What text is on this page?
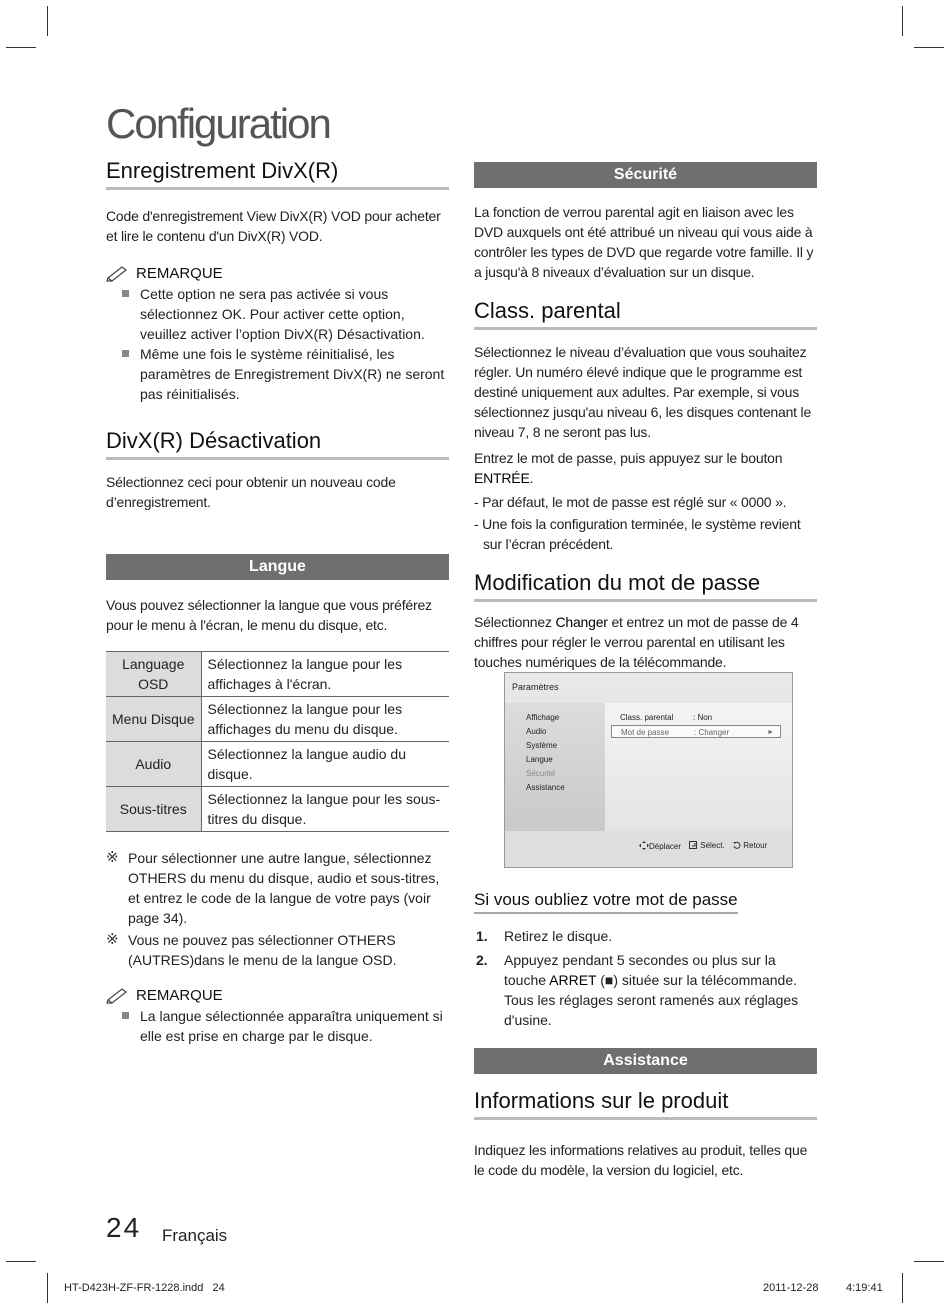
Configuration
Enregistrement DivX(R)
Code d'enregistrement View DivX(R) VOD pour acheter et lire le contenu d'un DivX(R) VOD.
REMARQUE
Cette option ne sera pas activée si vous sélectionnez OK. Pour activer cette option, veuillez activer l’option DivX(R) Désactivation.
Même une fois le système réinitialisé, les paramètres de Enregistrement DivX(R) ne seront pas réinitialisés.
DivX(R) Désactivation
Sélectionnez ceci pour obtenir un nouveau code d’enregistrement.
Langue
Vous pouvez sélectionner la langue que vous préférez pour le menu à l'écran, le menu du disque, etc.
Language OSD	Sélectionnez la langue pour les affichages à l'écran.
Menu Disque	Sélectionnez la langue pour les affichages du menu du disque.
Audio	Sélectionnez la langue audio du disque.
Sous-titres	Sélectionnez la langue pour les sous-titres du disque.
※ Pour sélectionner une autre langue, sélectionnez OTHERS du menu du disque, audio et sous-titres, et entrez le code de la langue de votre pays (voir page 34).
※ Vous ne pouvez pas sélectionner OTHERS (AUTRES)dans le menu de la langue OSD.
REMARQUE
La langue sélectionnée apparaîtra uniquement si elle est prise en charge par le disque.
Sécurité
La fonction de verrou parental agit en liaison avec les DVD auxquels ont été attribué un niveau qui vous aide à contrôler les types de DVD que regarde votre famille. Il y a jusqu'à 8 niveaux d’évaluation sur un disque.
Class. parental
Sélectionnez le niveau d’évaluation que vous souhaitez régler. Un numéro élevé indique que le programme est destiné uniquement aux adultes. Par exemple, si vous sélectionnez jusqu'au niveau 6, les disques contenant le niveau 7, 8 ne seront pas lus.
Entrez le mot de passe, puis appuyez sur le bouton ENTRÉE.
- Par défaut, le mot de passe est réglé sur « 0000 ».
- Une fois la configuration terminée, le système revient sur l’écran précédent.
Modification du mot de passe
Sélectionnez Changer et entrez un mot de passe de 4 chiffres pour régler le verrou parental en utilisant les touches numériques de la télécommande.
Paramètres
Affichage
Audio
Système
Langue
Sécurité
Assistance
Class. parental : Non
Mot de passe	: Changer	►
Déplacer	Sélect.	Retour
Si vous oubliez votre mot de passe
1. Retirez le disque.
2. Appuyez pendant 5 secondes ou plus sur la touche ARRET (■) située sur la télécommande. Tous les réglages seront ramenés aux réglages d'usine.
Assistance
Informations sur le produit
Indiquez les informations relatives au produit, telles que le code du modèle, la version du logiciel, etc.
24 Français
HT-D423H-ZF-FR-1228.indd   24	2011-12-28	4:19:41
